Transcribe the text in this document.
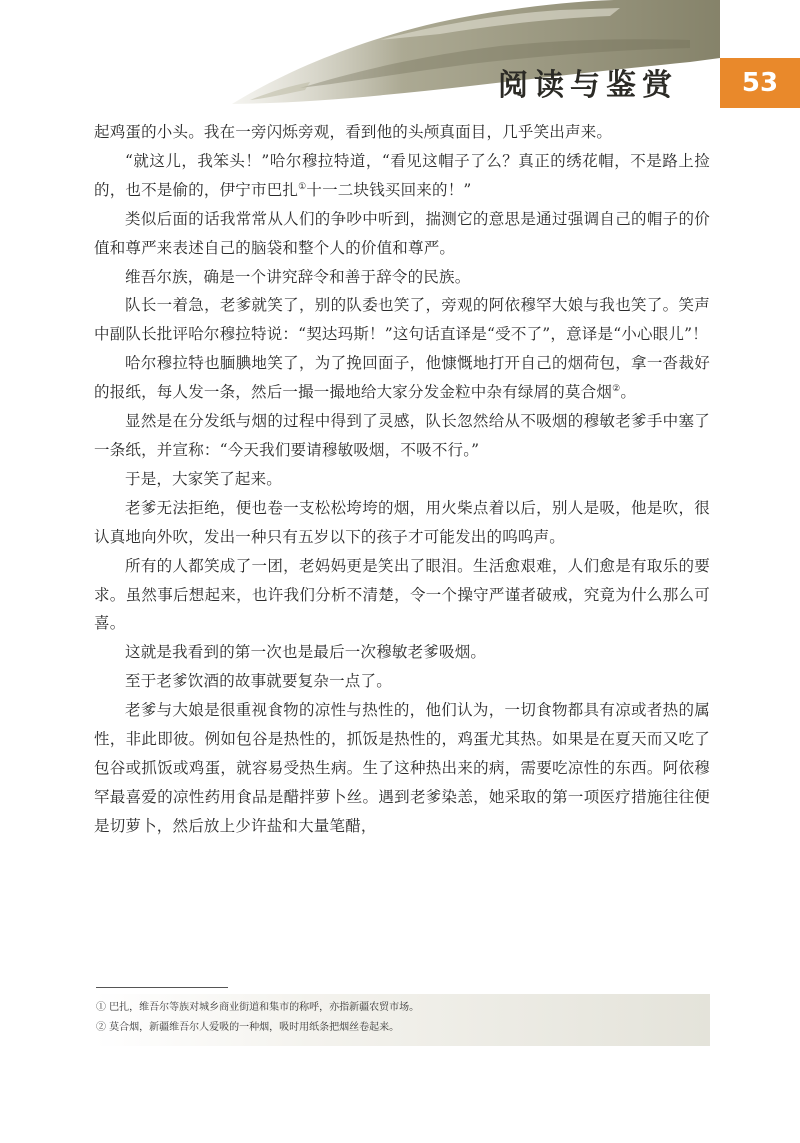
阅读与鉴赏	53

起鸡蛋的小头。我在一旁闪烁旁观，看到他的头颅真面目，几乎笑出声来。

“就这儿，我笨头！”哈尔穆拉特道，“看见这帽子了么？真正的绣花帽，不是路上捡的，也不是偷的，伊宁市巴扎①十一二块钱买回来的！”

类似后面的话我常常从人们的争吵中听到，揣测它的意思是通过强调自己的帽子的价值和尊严来表述自己的脑袋和整个人的价值和尊严。

维吾尔族，确是一个讲究辞令和善于辞令的民族。

队长一着急，老爹就笑了，别的队委也笑了，旁观的阿依穆罕大娘与我也笑了。笑声中副队长批评哈尔穆拉特说：“契达玛斯！”这句话直译是“受不了”，意译是“小心眼儿”！

哈尔穆拉特也腼腆地笑了，为了挽回面子，他慷慨地打开自己的烟荷包，拿一沓裁好的报纸，每人发一条，然后一撮一撮地给大家分发金粒中杂有绿屑的莫合烟②。

显然是在分发纸与烟的过程中得到了灵感，队长忽然给从不吸烟的穆敏老爹手中塞了一条纸，并宣称：“今天我们要请穆敏吸烟，不吸不行。”

于是，大家笑了起来。

老爹无法拒绝，便也卷一支松松垮垮的烟，用火柴点着以后，别人是吸，他是吹，很认真地向外吹，发出一种只有五岁以下的孩子才可能发出的呜呜声。

所有的人都笑成了一团，老妈妈更是笑出了眼泪。生活愈艰难，人们愈是有取乐的要求。虽然事后想起来，也许我们分析不清楚，令一个操守严谨者破戒，究竟为什么那么可喜。

这就是我看到的第一次也是最后一次穆敏老爹吸烟。

至于老爹饮酒的故事就要复杂一点了。

老爹与大娘是很重视食物的凉性与热性的，他们认为，一切食物都具有凉或者热的属性，非此即彼。例如包谷是热性的，抓饭是热性的，鸡蛋尤其热。如果是在夏天而又吃了包谷或抓饭或鸡蛋，就容易受热生病。生了这种热出来的病，需要吃凉性的东西。阿依穆罕最喜爱的凉性药用食品是醋拌萝卜丝。遇到老爹染恙，她采取的第一项医疗措施往往便是切萝卜，然后放上少许盐和大量笔醋，

① 巴扎，维吾尔等族对城乡商业街道和集市的称呼，亦指新疆农贸市场。

② 莫合烟，新疆维吾尔人爱吸的一种烟，吸时用纸条把烟丝卷起来。
